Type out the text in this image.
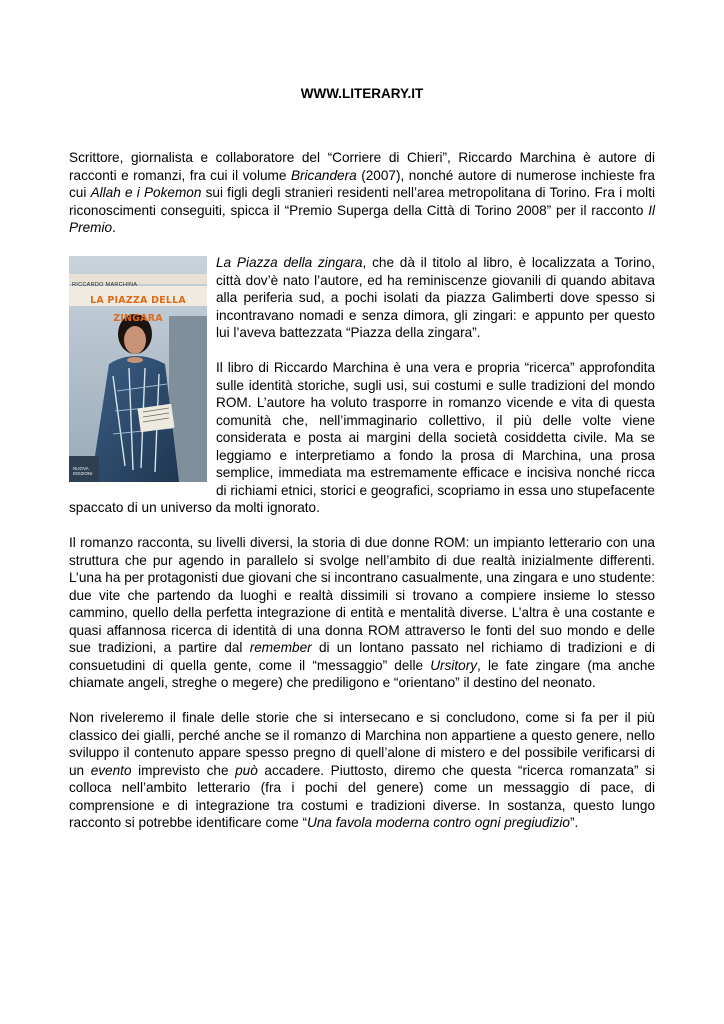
WWW.LITERARY.IT

Scrittore, giornalista e collaboratore del “Corriere di Chieri”, Riccardo Marchina è autore di racconti e romanzi, fra cui il volume Bricandera (2007), nonché autore di numerose inchieste fra cui Allah e i Pokemon sui figli degli stranieri residenti nell’area metropolitana di Torino. Fra i molti riconoscimenti conseguiti, spicca il “Premio Superga della Città di Torino 2008” per il racconto Il Premio.

RICCARDO MARCHINA
LA PIAZZA DELLA ZINGARA
NUOVA
EDIZIONI

La Piazza della zingara, che dà il titolo al libro, è localizzata a Torino, città dov’è nato l’autore, ed ha reminiscenze giovanili di quando abitava alla periferia sud, a pochi isolati da piazza Galimberti dove spesso si incontravano nomadi e senza dimora, gli zingari: e appunto per questo lui l’aveva battezzata “Piazza della zingara”.

Il libro di Riccardo Marchina è una vera e propria “ricerca” approfondita sulle identità storiche, sugli usi, sui costumi e sulle tradizioni del mondo ROM. L’autore ha voluto trasporre in romanzo vicende e vita di questa comunità che, nell’immaginario collettivo, il più delle volte viene considerata e posta ai margini della società cosiddetta civile. Ma se leggiamo e interpretiamo a fondo la prosa di Marchina, una prosa semplice, immediata ma estremamente efficace e incisiva nonché ricca di richiami etnici, storici e geografici, scopriamo in essa uno stupefacente spaccato di un universo da molti ignorato.

Il romanzo racconta, su livelli diversi, la storia di due donne ROM: un impianto letterario con una struttura che pur agendo in parallelo si svolge nell’ambito di due realtà inizialmente differenti. L’una ha per protagonisti due giovani che si incontrano casualmente, una zingara e uno studente: due vite che partendo da luoghi e realtà dissimili si trovano a compiere insieme lo stesso cammino, quello della perfetta integrazione di entità e mentalità diverse. L’altra è una costante e quasi affannosa ricerca di identità di una donna ROM attraverso le fonti del suo mondo e delle sue tradizioni, a partire dal remember di un lontano passato nel richiamo di tradizioni e di consuetudini di quella gente, come il “messaggio” delle Ursitory, le fate zingare (ma anche chiamate angeli, streghe o megere) che prediligono e “orientano” il destino del neonato.

Non riveleremo il finale delle storie che si intersecano e si concludono, come si fa per il più classico dei gialli, perché anche se il romanzo di Marchina non appartiene a questo genere, nello sviluppo il contenuto appare spesso pregno di quell’alone di mistero e del possibile verificarsi di un evento imprevisto che può accadere. Piuttosto, diremo che questa “ricerca romanzata” si colloca nell’ambito letterario (fra i pochi del genere) come un messaggio di pace, di comprensione e di integrazione tra costumi e tradizioni diverse. In sostanza, questo lungo racconto si potrebbe identificare come “Una favola moderna contro ogni pregiudizio”.
